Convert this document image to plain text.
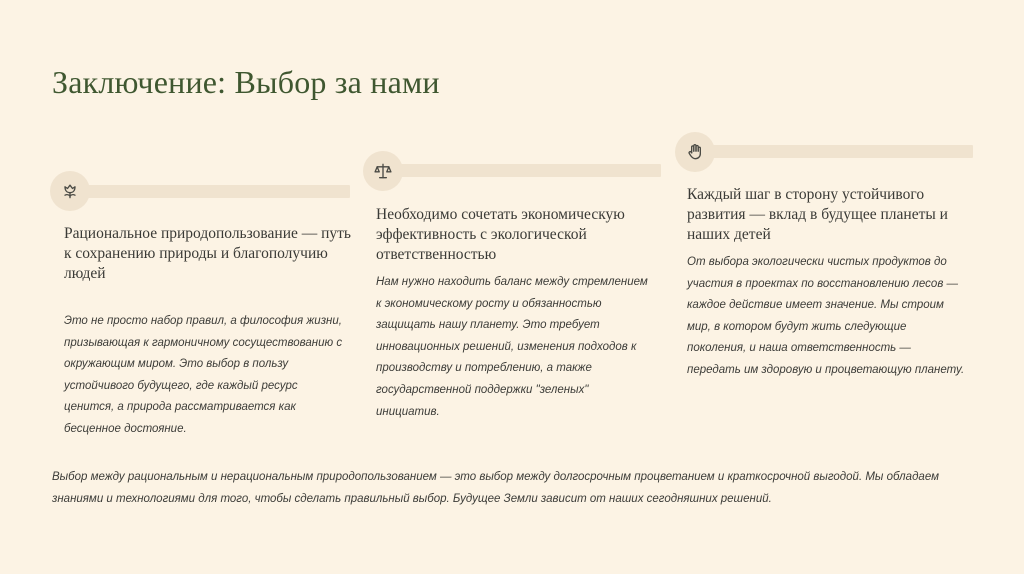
Заключение: Выбор за нами
Рациональное природопользование — путь к сохранению природы и благополучию людей

Это не просто набор правил, а философия жизни, призывающая к гармоничному сосуществованию с окружающим миром. Это выбор в пользу устойчивого будущего, где каждый ресурс ценится, а природа рассматривается как бесценное достояние.

Необходимо сочетать экономическую эффективность с экологической ответственностью

Нам нужно находить баланс между стремлением к экономическому росту и обязанностью защищать нашу планету. Это требует инновационных решений, изменения подходов к производству и потреблению, а также государственной поддержки "зеленых" инициатив.

Каждый шаг в сторону устойчивого развития — вклад в будущее планеты и наших детей

От выбора экологически чистых продуктов до участия в проектах по восстановлению лесов — каждое действие имеет значение. Мы строим мир, в котором будут жить следующие поколения, и наша ответственность — передать им здоровую и процветающую планету.

Выбор между рациональным и нерациональным природопользованием — это выбор между долгосрочным процветанием и краткосрочной выгодой. Мы обладаем знаниями и технологиями для того, чтобы сделать правильный выбор. Будущее Земли зависит от наших сегодняшних решений.
